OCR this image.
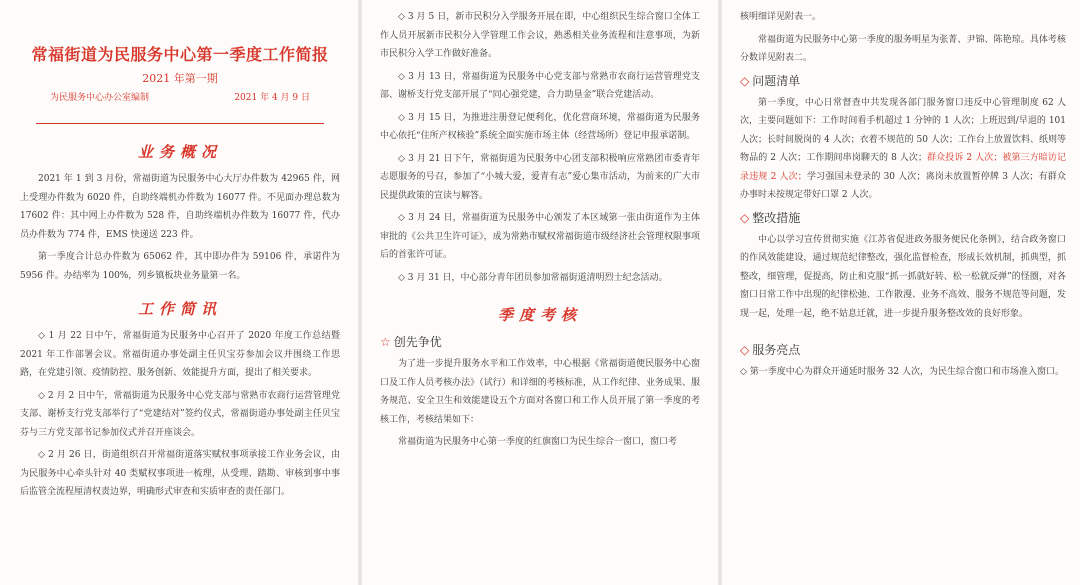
常福街道为民服务中心第一季度工作简报
2021 年第一期
为民服务中心办公室编制	2021 年 4 月 9 日
业务概况

2021 年 1 到 3 月份，常福街道为民服务中心大厅办件数为 42965 件，网上受理办件数为 6020 件，自助终端机办件数为 16077 件。不见面办理总数为 17602 件：其中网上办件数为 528 件，自助终端机办件数为 16077 件，代办员办件数为 774 件，EMS 快递送 223 件。

第一季度合计总办件数为 65062 件，其中即办件为 59106 件，承诺件为 5956 件。办结率为 100%，列乡镇板块业务量第一名。

工作简讯

◇ 1 月 22 日中午，常福街道为民服务中心召开了 2020 年度工作总结暨 2021 年工作部署会议。常福街道办事处副主任贝宝芬参加会议并围绕工作思路，在党建引领、疫情防控、服务创新、效能提升方面，提出了相关要求。

◇ 2 月 2 日中午，常福街道为民服务中心党支部与常熟市农商行运营管理党支部、谢桥支行党支部举行了“党建结对”签约仪式，常福街道办事处副主任贝宝芬与三方党支部书记参加仪式并召开座谈会。

◇ 2 月 26 日，街道组织召开常福街道落实赋权事项承接工作业务会议，由为民服务中心牵头针对 40 类赋权事项进一梳理，从受理、踏勘、审核到事中事后监管全流程厘清权责边界，明确形式审查和实质审查的责任部门。

◇ 3 月 5 日，新市民积分入学服务开展在即，中心组织民生综合窗口全体工作人员开展新市民积分入学管理工作会议，熟悉相关业务流程和注意事项，为新市民积分入学工作做好准备。

◇ 3 月 13 日，常福街道为民服务中心党支部与常熟市农商行运营管理党支部、谢桥支行党支部开展了“同心强党建，合力助垦金”联合党建活动。

◇ 3 月 15 日，为推进注册登记便利化，优化营商环境，常福街道为民服务中心依托“住所产权核验”系统全面实施市场主体（经营场所）登记申报承诺制。

◇ 3 月 21 日下午，常福街道为民服务中心团支部积极响应常熟团市委青年志愿服务的号召，参加了“小城大爱，爱青有志”爱心集市活动，为前来的广大市民提供政策的宣读与解答。

◇ 3 月 24 日，常福街道为民服务中心颁发了本区域第一张由街道作为主体审批的《公共卫生许可证》，成为常熟市赋权常福街道市级经济社会管理权限事项后的首张许可证。

◇ 3 月 31 日，中心部分青年团员参加常福街道清明烈士纪念活动。

季度考核
☆ 创先争优

为了进一步提升服务水平和工作效率，中心根据《常福街道便民服务中心窗口及工作人员考核办法》（试行）和详细的考核标准，从工作纪律、业务成果、服务规范、安全卫生和效能建设五个方面对各窗口和工作人员开展了第一季度的考核工作，考核结果如下：

常福街道为民服务中心第一季度的红旗窗口为民生综合一窗口，窗口考

核明细详见附表一。

常福街道为民服务中心第一季度的服务明星为张菁、尹锦、陈艳琼。具体考核分数详见附表二。

◇ 问题清单

第一季度，中心日常督查中共发现各部门服务窗口违反中心管理制度 62 人次，主要问题如下：工作时间看手机超过 1 分钟的 1 人次；上班迟到/早退的 101 人次；长时间脱岗的 4 人次；衣着不规范的 50 人次；工作台上放置饮料、纸则等物品的 2 人次；工作期间串岗聊天的 8 人次；群众投诉 2 人次；被第三方暗访记录违规 2 人次；学习强国未登录的 30 人次；离岗未放置暂停牌 3 人次；有群众办事时未按规定带好口罩 2 人次。

◇ 整改措施

中心以学习宣传贯彻实施《江苏省促进政务服务便民化条例》，结合政务窗口的作风效能建设，通过规范纪律整改，强化监督检查，形成长效机制，抓典型，抓整改，细管理，促提高，防止和克服“抓一抓就好转、松一松就反弹”的怪圈，对各窗口日常工作中出现的纪律松弛、工作散漫、业务不高效、服务不规范等问题，发现一起，处理一起，绝不姑息迁就，进一步提升服务整改效的良好形象。

◇ 服务亮点

◇ 第一季度中心为群众开通延时服务 32 人次，为民生综合窗口和市场准入窗口。
